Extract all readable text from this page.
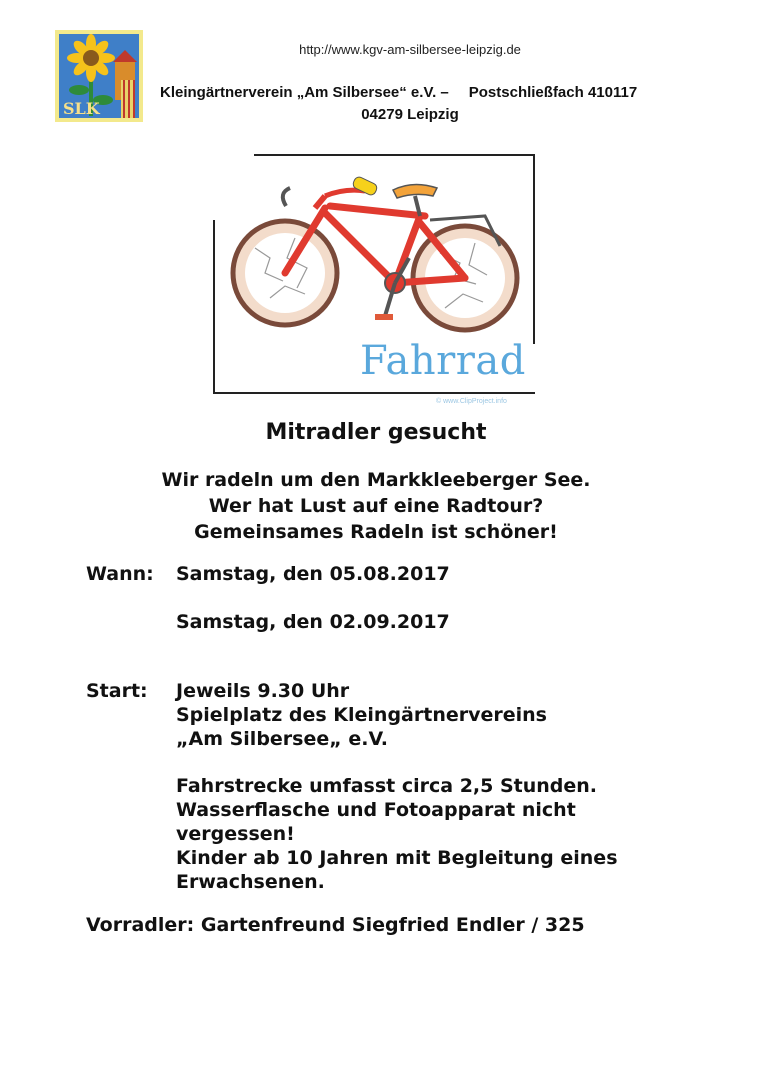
SLK
http://www.kgv-am-silbersee-leipzig.de
Kleingärtnerverein „Am Silbersee“ e.V. – Postschließfach 410117
04279 Leipzig
Fahrrad
© www.ClipProject.info
Mitradler gesucht
Wir radeln um den Markkleeberger See.
Wer hat Lust auf eine Radtour?
Gemeinsames Radeln ist schöner!
Wann: Samstag, den 05.08.2017
Samstag, den 02.09.2017
Start: Jeweils 9.30 Uhr
Spielplatz des Kleingärtnervereins
„Am Silbersee„ e.V.
Fahrstrecke umfasst circa 2,5 Stunden.
Wasserflasche und Fotoapparat nicht
vergessen!
Kinder ab 10 Jahren mit Begleitung eines
Erwachsenen.
Vorradler: Gartenfreund Siegfried Endler / 325
